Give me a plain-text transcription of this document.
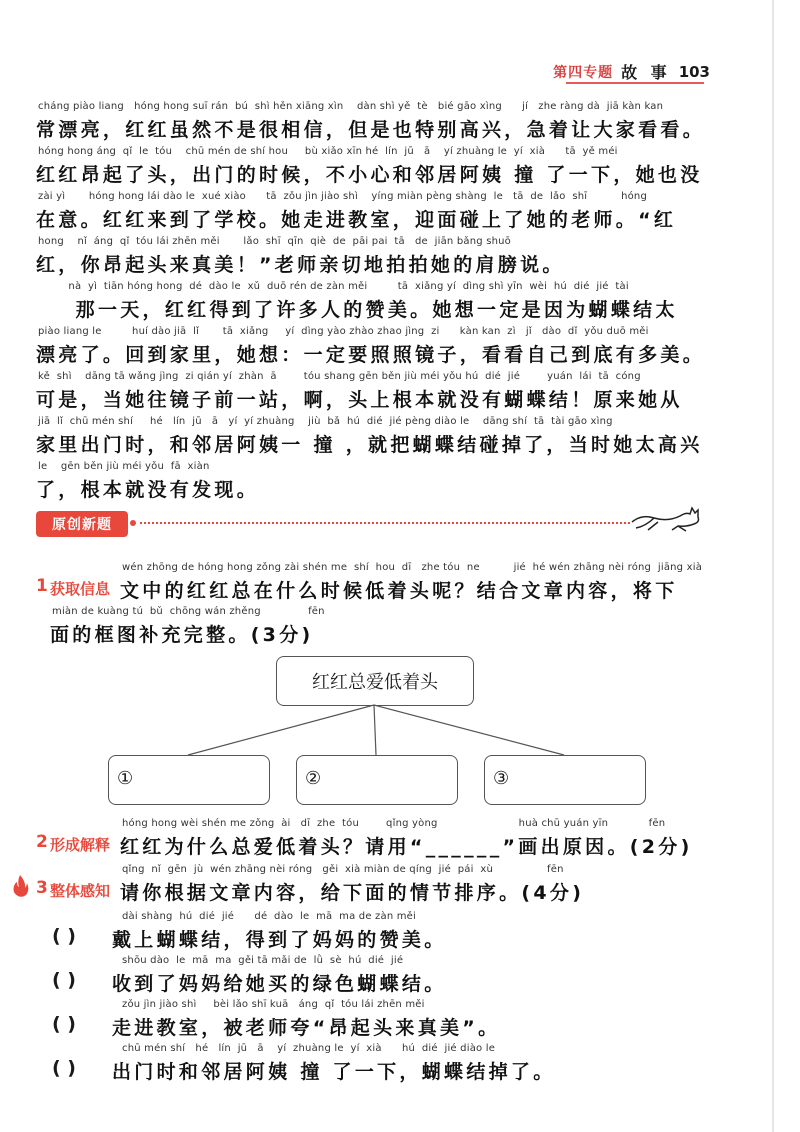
第四专题 故 事 103
cháng piào liang   hóng hong suī rán  bú  shì hěn xiāng xìn    dàn shì yě  tè   bié gāo xìng      jí   zhe ràng dà  jiā kàn kan
常漂亮，红红虽然不是很相信，但是也特别高兴，急着让大家看看。
hóng hong áng  qǐ  le  tóu    chū mén de shí hou     bù xiǎo xīn hé  lín  jū   ā    yí zhuàng le  yí  xià      tā  yě méi
红红昂起了头，出门的时候，不小心和邻居阿姨 撞 了一下，她也没
zài yì       hóng hong lái dào le  xué xiào      tā  zǒu jìn jiào shì    yíng miàn pèng shàng  le   tā  de  lǎo  shī          hóng
在意。红红来到了学校。她走进教室，迎面碰上了她的老师。“红
hong    nǐ  áng  qǐ  tóu lái zhēn měi       lǎo  shī  qīn  qiè  de  pāi pai  tā   de  jiān bǎng shuō
红，你昂起头来真美！”老师亲切地拍拍她的肩膀说。
nà  yì  tiān hóng hong  dé  dào le  xǔ  duō rén de zàn měi         tā  xiǎng yí  dìng shì yīn  wèi  hú  dié  jié  tài
那一天，红红得到了许多人的赞美。她想一定是因为蝴蝶结太
piào liang le         huí dào jiā  lǐ       tā  xiǎng     yí  dìng yào zhào zhao jìng  zi      kàn kan  zì   jǐ   dào  dǐ  yǒu duō měi
漂亮了。回到家里，她想：一定要照照镜子，看看自己到底有多美。
kě  shì    dāng tā wǎng jìng  zi qián yí  zhàn  ā        tóu shang gēn běn jiù méi yǒu hú  dié  jié        yuán  lái  tā  cóng
可是，当她往镜子前一站，啊，头上根本就没有蝴蝶结！原来她从
jiā  lǐ  chū mén shí     hé   lín  jū   ā   yí  yí zhuàng    jiù  bǎ  hú  dié  jié pèng diào le    dāng shí  tā  tài gāo xìng
家里出门时，和邻居阿姨一 撞 ，就把蝴蝶结碰掉了，当时她太高兴
le    gēn běn jiù méi yǒu  fā  xiàn
了，根本就没有发现。
原创新题
1 获取信息
wén zhōng de hóng hong zǒng zài shén me  shí  hou  dī   zhe tóu  ne          jié  hé wén zhāng nèi róng  jiāng xià
文中的红红总在什么时候低着头呢？结合文章内容，将下
miàn de kuàng tú  bǔ  chōng wán zhěng              fēn
面的框图补充完整。(3分)
红红总爱低着头
①	②	③
2 形成解释
hóng hong wèi shén me zǒng  ài   dī  zhe  tóu        qǐng yòng                        huà chū yuán yīn            fēn
红红为什么总爱低着头？请用“______”画出原因。(2分)
3 整体感知
qǐng  nǐ  gēn  jù  wén zhāng nèi róng   gěi  xià miàn de qíng  jié  pái  xù                fēn
请你根据文章内容，给下面的情节排序。(4分)
dài shàng  hú  dié  jié      dé  dào  le  mā  ma de zàn měi
( ) 戴上蝴蝶结，得到了妈妈的赞美。
shōu dào  le  mā  ma  gěi tā mǎi de  lǜ  sè  hú  dié  jié
( ) 收到了妈妈给她买的绿色蝴蝶结。
zǒu jìn jiào shì     bèi lǎo shī kuā   áng  qǐ  tóu lái zhēn měi
( ) 走进教室，被老师夸“昂起头来真美”。
chū mén shí   hé   lín  jū   ā    yí  zhuàng le  yí  xià      hú  dié  jié diào le
( ) 出门时和邻居阿姨 撞 了一下，蝴蝶结掉了。
